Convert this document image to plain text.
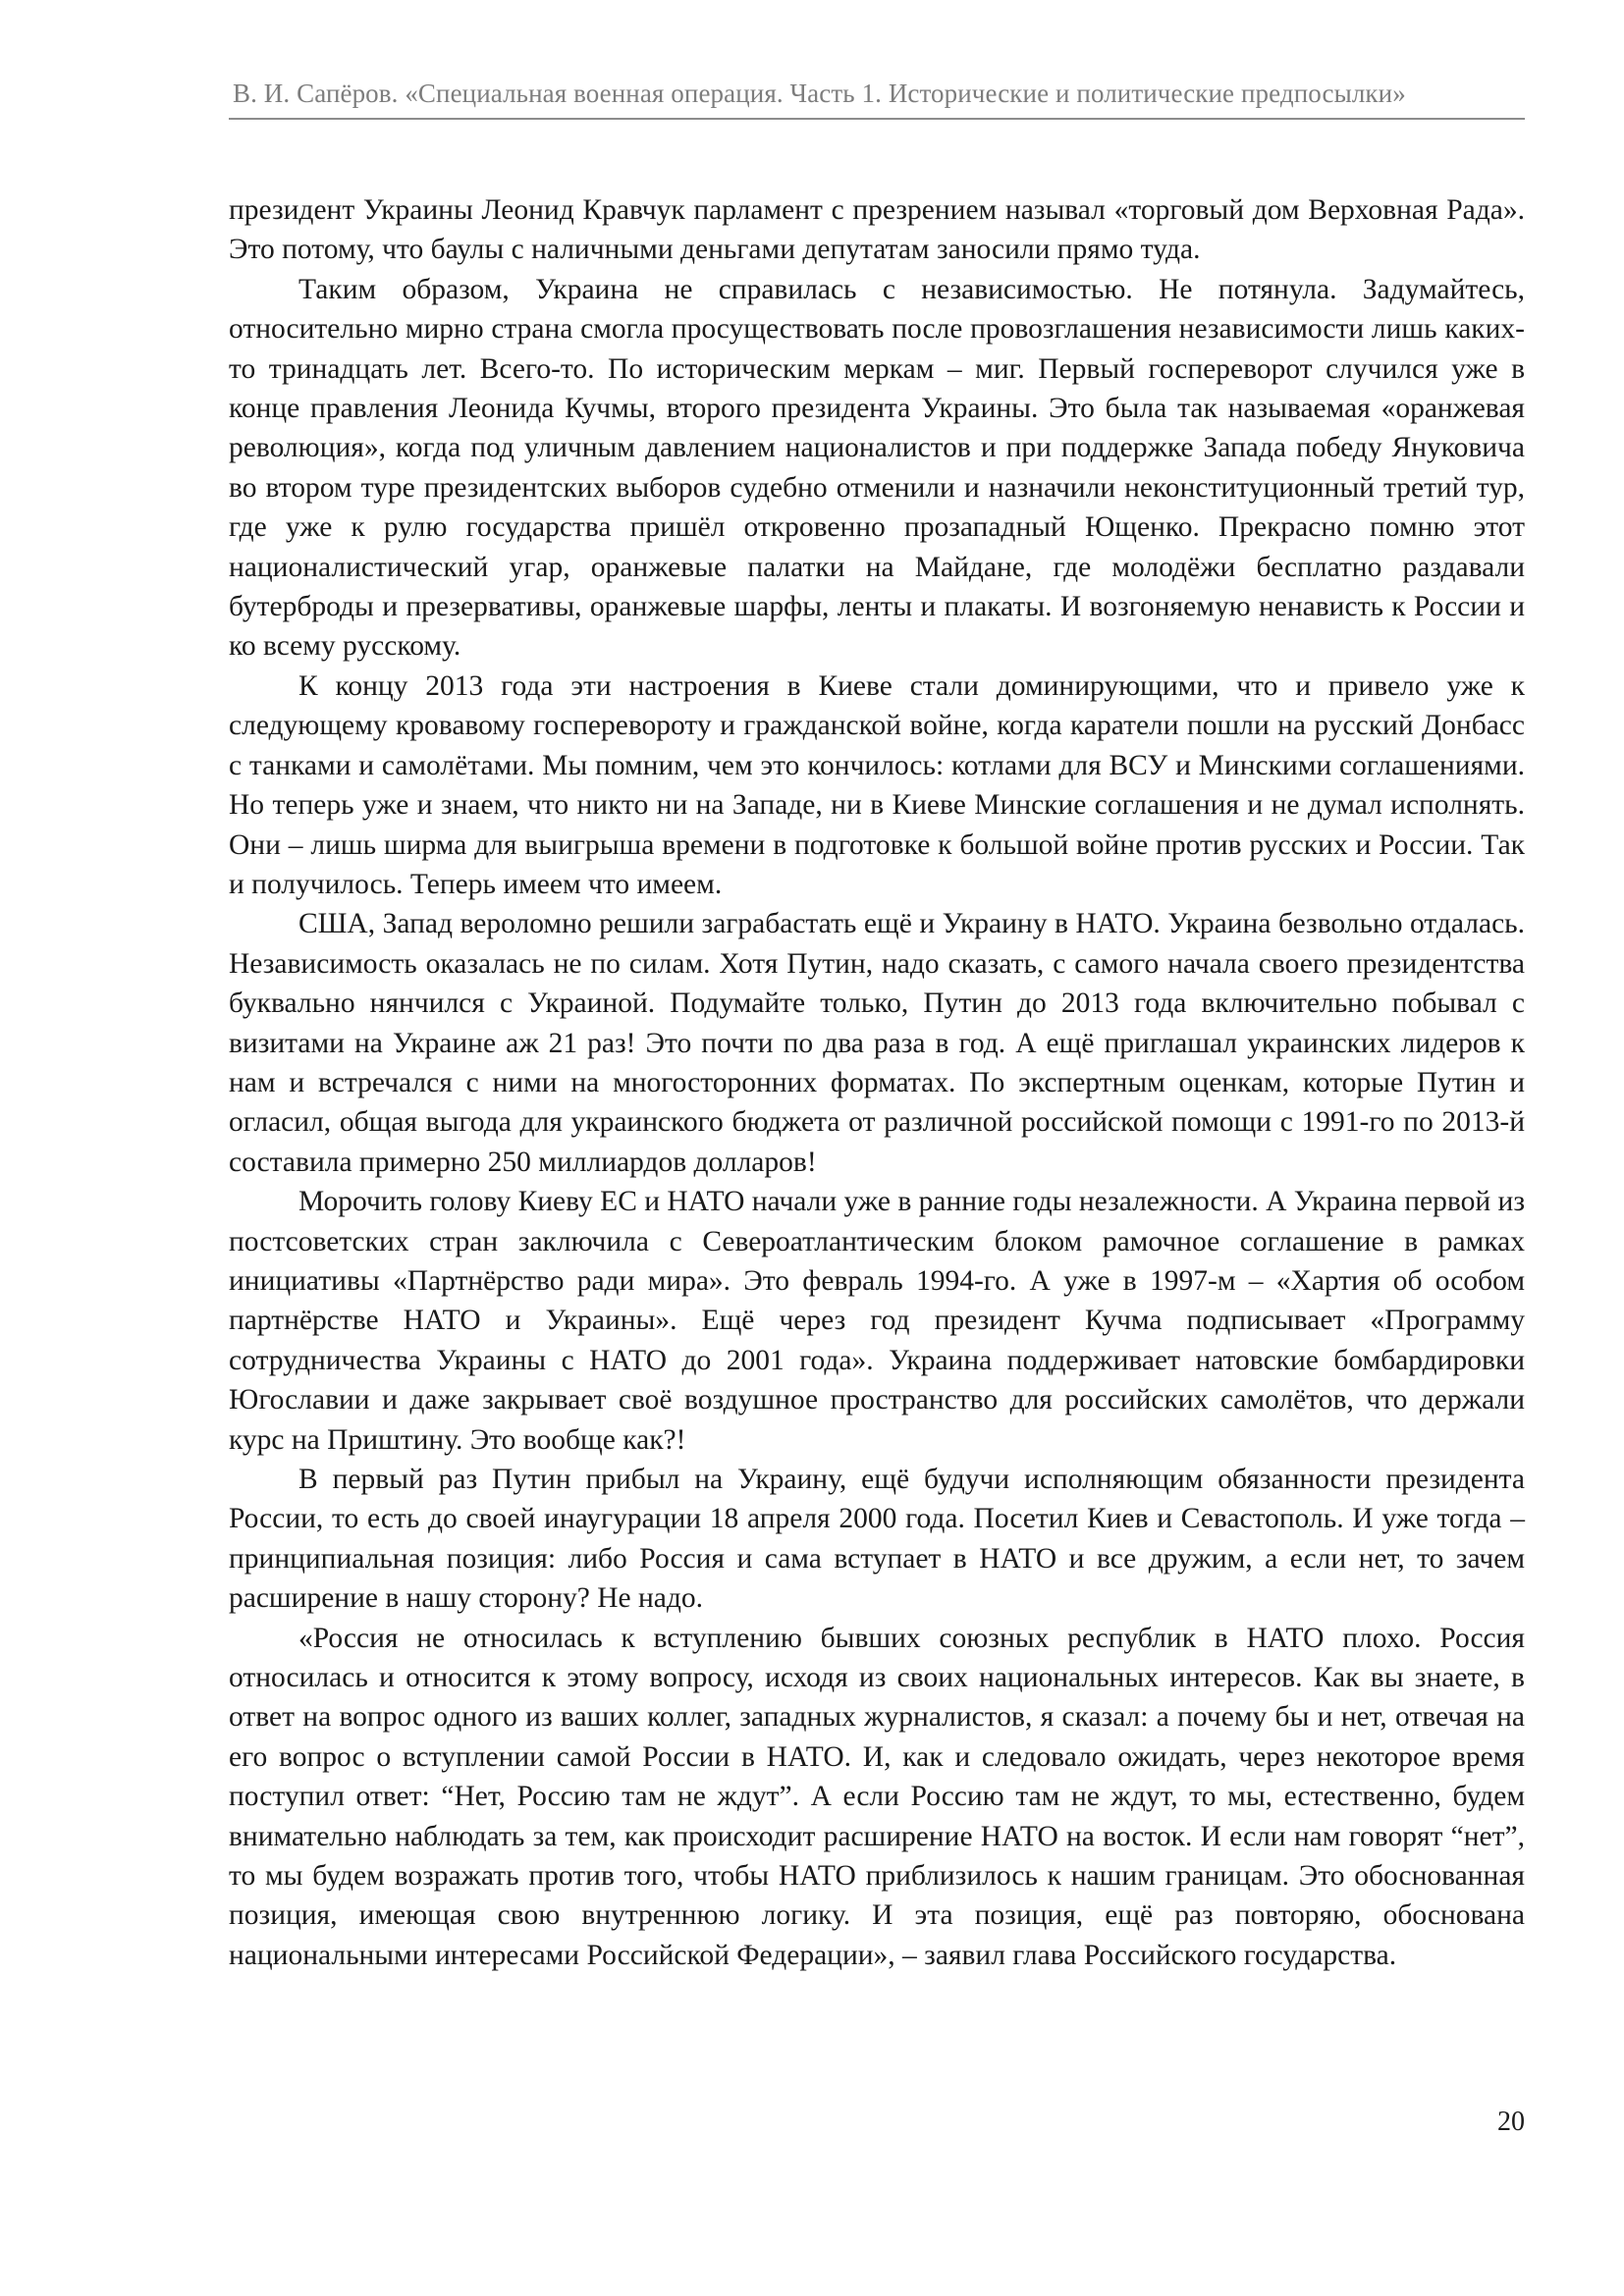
В. И. Сапёров. «Специальная военная операция. Часть 1. Исторические и политические предпосылки»

президент Украины Леонид Кравчук парламент с презрением называл «торговый дом Верховная Рада». Это потому, что баулы с наличными деньгами депутатам заносили прямо туда.

Таким образом, Украина не справилась с независимостью. Не потянула. Задумайтесь, относительно мирно страна смогла просуществовать после провозглашения независимости лишь каких-то тринадцать лет. Всего-то. По историческим меркам – миг. Первый госпереворот случился уже в конце правления Леонида Кучмы, второго президента Украины. Это была так называемая «оранжевая революция», когда под уличным давлением националистов и при поддержке Запада победу Януковича во втором туре президентских выборов судебно отменили и назначили неконституционный третий тур, где уже к рулю государства пришёл откровенно прозападный Ющенко. Прекрасно помню этот националистический угар, оранжевые палатки на Майдане, где молодёжи бесплатно раздавали бутерброды и презервативы, оранжевые шарфы, ленты и плакаты. И возгоняемую ненависть к России и ко всему русскому.

К концу 2013 года эти настроения в Киеве стали доминирующими, что и привело уже к следующему кровавому госперевороту и гражданской войне, когда каратели пошли на русский Донбасс с танками и самолётами. Мы помним, чем это кончилось: котлами для ВСУ и Минскими соглашениями. Но теперь уже и знаем, что никто ни на Западе, ни в Киеве Минские соглашения и не думал исполнять. Они – лишь ширма для выигрыша времени в подготовке к большой войне против русских и России. Так и получилось. Теперь имеем что имеем.

США, Запад вероломно решили заграбастать ещё и Украину в НАТО. Украина безвольно отдалась. Независимость оказалась не по силам. Хотя Путин, надо сказать, с самого начала своего президентства буквально нянчился с Украиной. Подумайте только, Путин до 2013 года включительно побывал с визитами на Украине аж 21 раз! Это почти по два раза в год. А ещё приглашал украинских лидеров к нам и встречался с ними на многосторонних форматах. По экспертным оценкам, которые Путин и огласил, общая выгода для украинского бюджета от различной российской помощи с 1991-го по 2013-й составила примерно 250 миллиардов долларов!

Морочить голову Киеву ЕС и НАТО начали уже в ранние годы незалежности. А Украина первой из постсоветских стран заключила с Североатлантическим блоком рамочное соглашение в рамках инициативы «Партнёрство ради мира». Это февраль 1994-го. А уже в 1997-м – «Хартия об особом партнёрстве НАТО и Украины». Ещё через год президент Кучма подписывает «Программу сотрудничества Украины с НАТО до 2001 года». Украина поддерживает натовские бомбардировки Югославии и даже закрывает своё воздушное пространство для российских самолётов, что держали курс на Приштину. Это вообще как?!

В первый раз Путин прибыл на Украину, ещё будучи исполняющим обязанности президента России, то есть до своей инаугурации 18 апреля 2000 года. Посетил Киев и Севастополь. И уже тогда – принципиальная позиция: либо Россия и сама вступает в НАТО и все дружим, а если нет, то зачем расширение в нашу сторону? Не надо.

«Россия не относилась к вступлению бывших союзных республик в НАТО плохо. Россия относилась и относится к этому вопросу, исходя из своих национальных интересов. Как вы знаете, в ответ на вопрос одного из ваших коллег, западных журналистов, я сказал: а почему бы и нет, отвечая на его вопрос о вступлении самой России в НАТО. И, как и следовало ожидать, через некоторое время поступил ответ: “Нет, Россию там не ждут”. А если Россию там не ждут, то мы, естественно, будем внимательно наблюдать за тем, как происходит расширение НАТО на восток. И если нам говорят “нет”, то мы будем возражать против того, чтобы НАТО приблизилось к нашим границам. Это обоснованная позиция, имеющая свою внутреннюю логику. И эта позиция, ещё раз повторяю, обоснована национальными интересами Российской Федерации», – заявил глава Российского государства.

20
